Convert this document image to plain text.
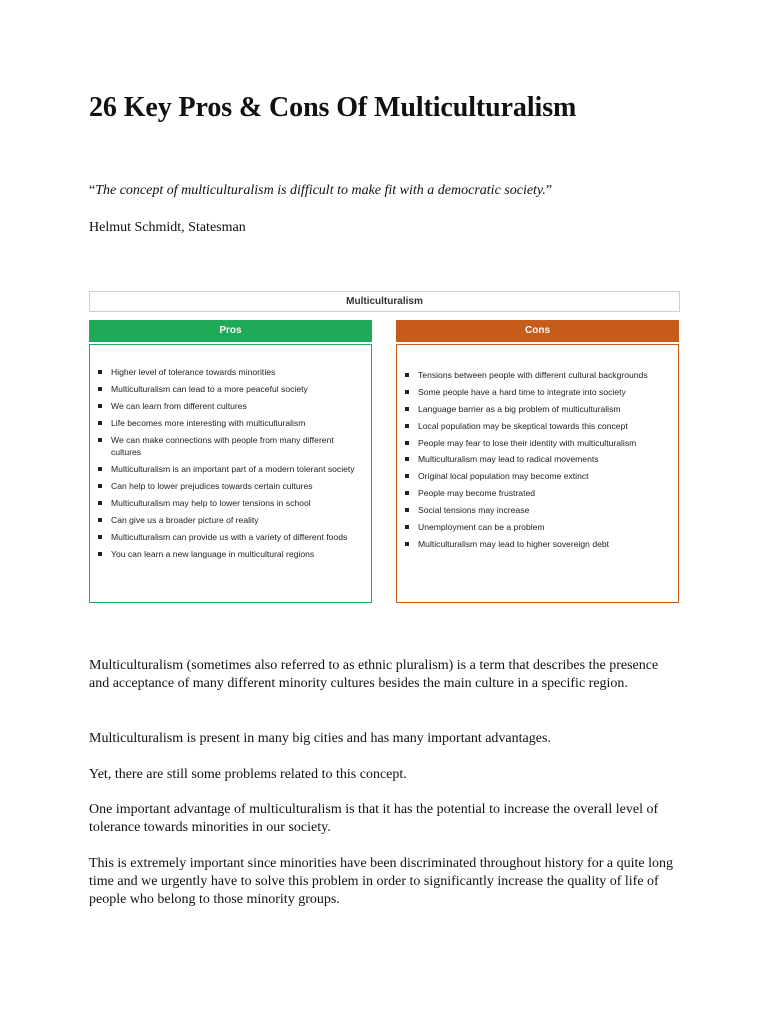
26 Key Pros & Cons Of Multiculturalism
“The concept of multiculturalism is difficult to make fit with a democratic society.”
Helmut Schmidt, Statesman
Multiculturalism
Pros	Cons
Higher level of tolerance towards minorities
Multiculturalism can lead to a more peaceful society
We can learn from different cultures
Life becomes more interesting with multiculturalism
We can make connections with people from many different cultures
Multiculturalism is an important part of a modern tolerant society
Can help to lower prejudices towards certain cultures
Multiculturalism may help to lower tensions in school
Can give us a broader picture of reality
Multiculturalism can provide us with a variety of different foods
You can learn a new language in multicultural regions
Tensions between people with different cultural backgrounds
Some people have a hard time to integrate into society
Language barrier as a big problem of multiculturalism
Local population may be skeptical towards this concept
People may fear to lose their identity with multiculturalism
Multiculturalism may lead to radical movements
Original local population may become extinct
People may become frustrated
Social tensions may increase
Unemployment can be a problem
Multiculturalism may lead to higher sovereign debt

Multiculturalism (sometimes also referred to as ethnic pluralism) is a term that describes the presence and acceptance of many different minority cultures besides the main culture in a specific region.

Multiculturalism is present in many big cities and has many important advantages.

Yet, there are still some problems related to this concept.

One important advantage of multiculturalism is that it has the potential to increase the overall level of tolerance towards minorities in our society.

This is extremely important since minorities have been discriminated throughout history for a quite long time and we urgently have to solve this problem in order to significantly increase the quality of life of people who belong to those minority groups.
